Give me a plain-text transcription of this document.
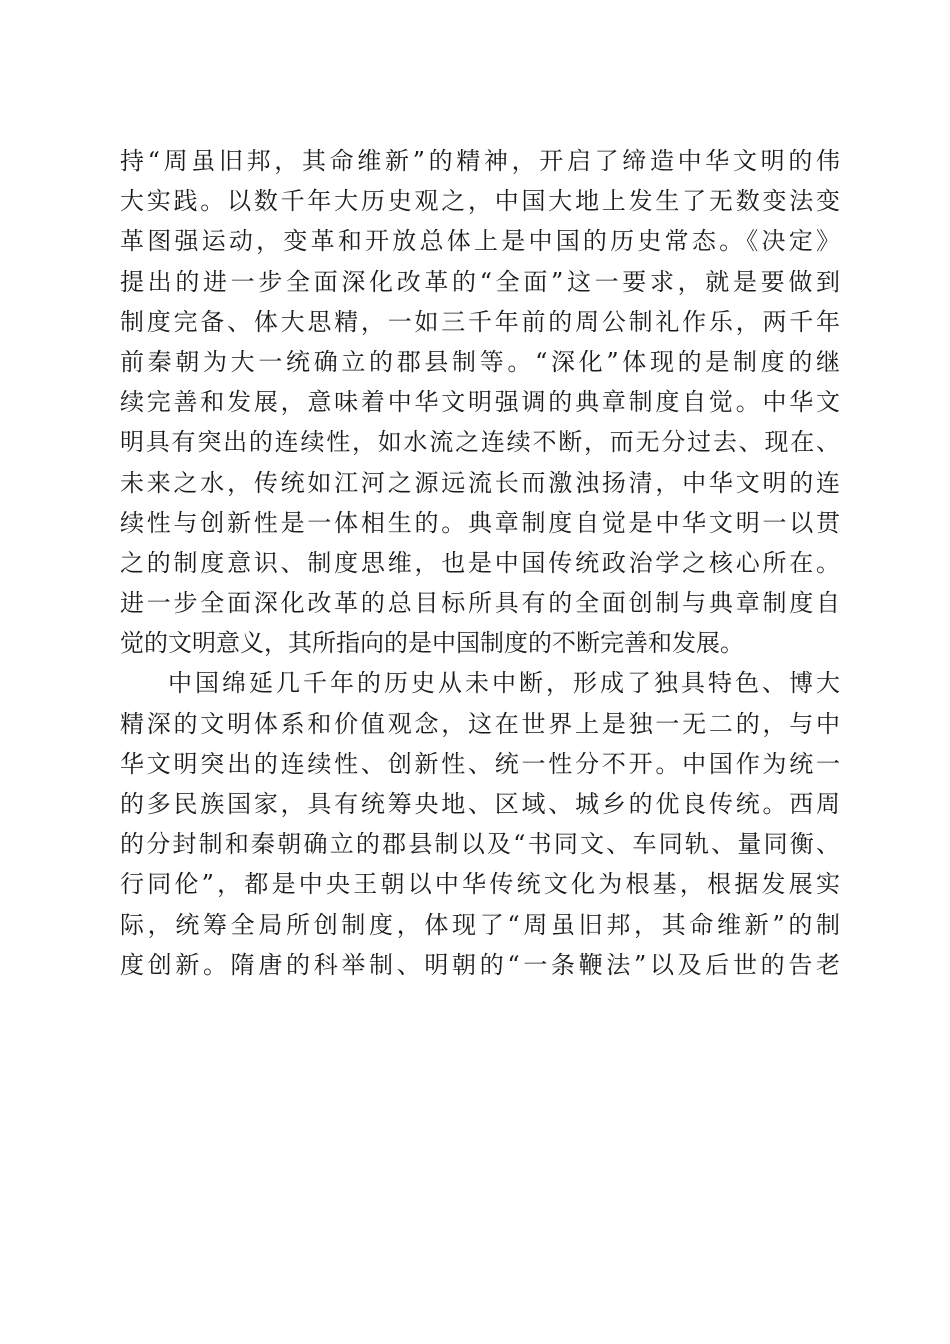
持“周虽旧邦，其命维新”的精神，开启了缔造中华文明的伟
大实践。以数千年大历史观之，中国大地上发生了无数变法变
革图强运动，变革和开放总体上是中国的历史常态。《决定》
提出的进一步全面深化改革的“全面”这一要求，就是要做到
制度完备、体大思精，一如三千年前的周公制礼作乐，两千年
前秦朝为大一统确立的郡县制等。“深化”体现的是制度的继
续完善和发展，意味着中华文明强调的典章制度自觉。中华文
明具有突出的连续性，如水流之连续不断，而无分过去、现在、
未来之水，传统如江河之源远流长而激浊扬清，中华文明的连
续性与创新性是一体相生的。典章制度自觉是中华文明一以贯
之的制度意识、制度思维，也是中国传统政治学之核心所在。
进一步全面深化改革的总目标所具有的全面创制与典章制度自
觉的文明意义，其所指向的是中国制度的不断完善和发展。
中国绵延几千年的历史从未中断，形成了独具特色、博大
精深的文明体系和价值观念，这在世界上是独一无二的，与中
华文明突出的连续性、创新性、统一性分不开。中国作为统一
的多民族国家，具有统筹央地、区域、城乡的优良传统。西周
的分封制和秦朝确立的郡县制以及“书同文、车同轨、量同衡、
行同伦”，都是中央王朝以中华传统文化为根基，根据发展实
际，统筹全局所创制度，体现了“周虽旧邦，其命维新”的制
度创新。隋唐的科举制、明朝的“一条鞭法”以及后世的告老
